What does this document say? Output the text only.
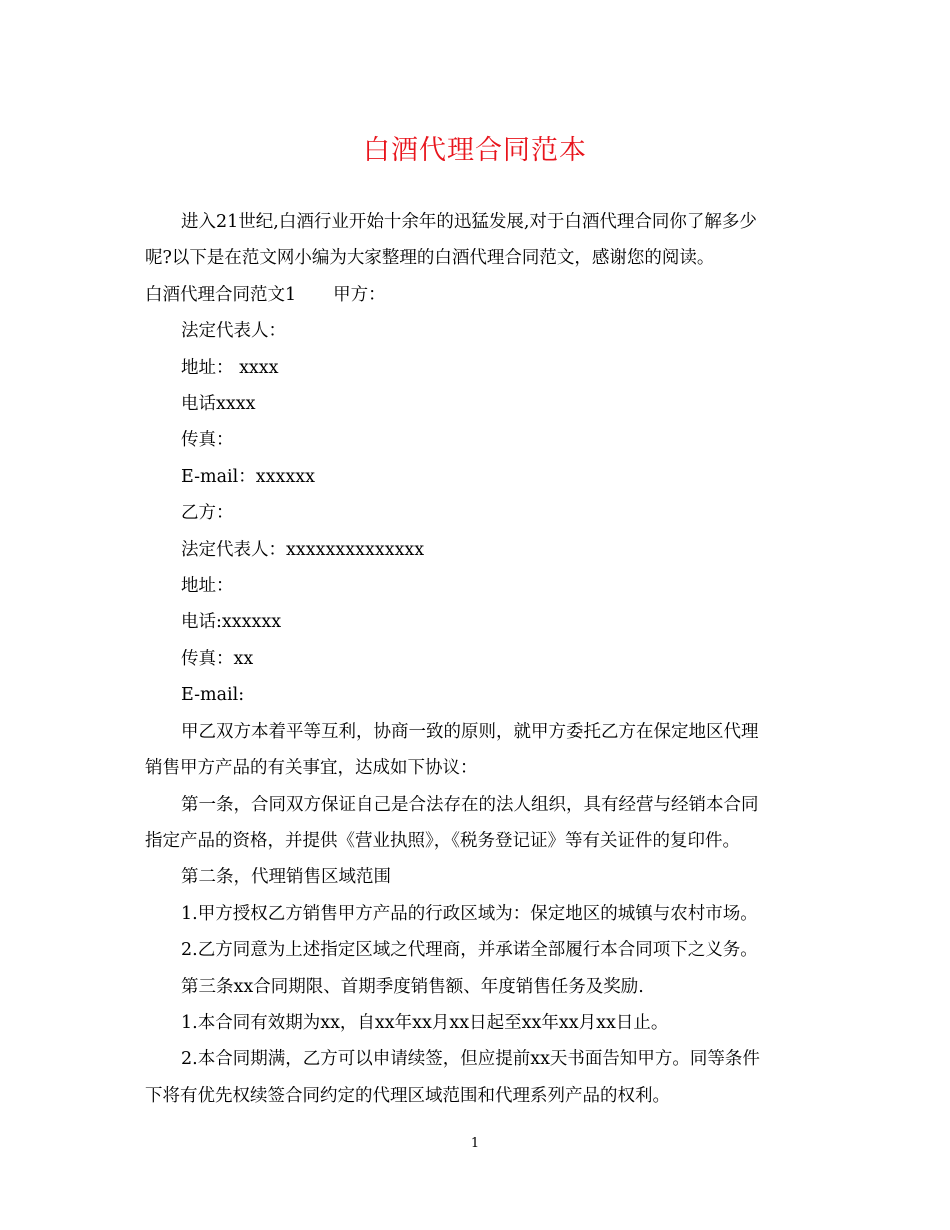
白酒代理合同范本

进入21世纪,白酒行业开始十余年的迅猛发展,对于白酒代理合同你了解多少

呢?以下是在范文网小编为大家整理的白酒代理合同范文，感谢您的阅读。

白酒代理合同范文1 甲方：

法定代表人：

地址： xxxx

电话xxxx

传真：

E-mail：xxxxxx

乙方：

法定代表人：xxxxxxxxxxxxxx

地址：

电话:xxxxxx

传真：xx

E-mail:

甲乙双方本着平等互利，协商一致的原则，就甲方委托乙方在保定地区代理

销售甲方产品的有关事宜，达成如下协议：

第一条，合同双方保证自己是合法存在的法人组织，具有经营与经销本合同

指定产品的资格，并提供《营业执照》，《税务登记证》等有关证件的复印件。

第二条，代理销售区域范围

1.甲方授权乙方销售甲方产品的行政区域为：保定地区的城镇与农村市场。

2.乙方同意为上述指定区域之代理商，并承诺全部履行本合同项下之义务。

第三条xx合同期限、首期季度销售额、年度销售任务及奖励.

1.本合同有效期为xx，自xx年xx月xx日起至xx年xx月xx日止。

2.本合同期满，乙方可以申请续签，但应提前xx天书面告知甲方。同等条件

下将有优先权续签合同约定的代理区域范围和代理系列产品的权利。

1
